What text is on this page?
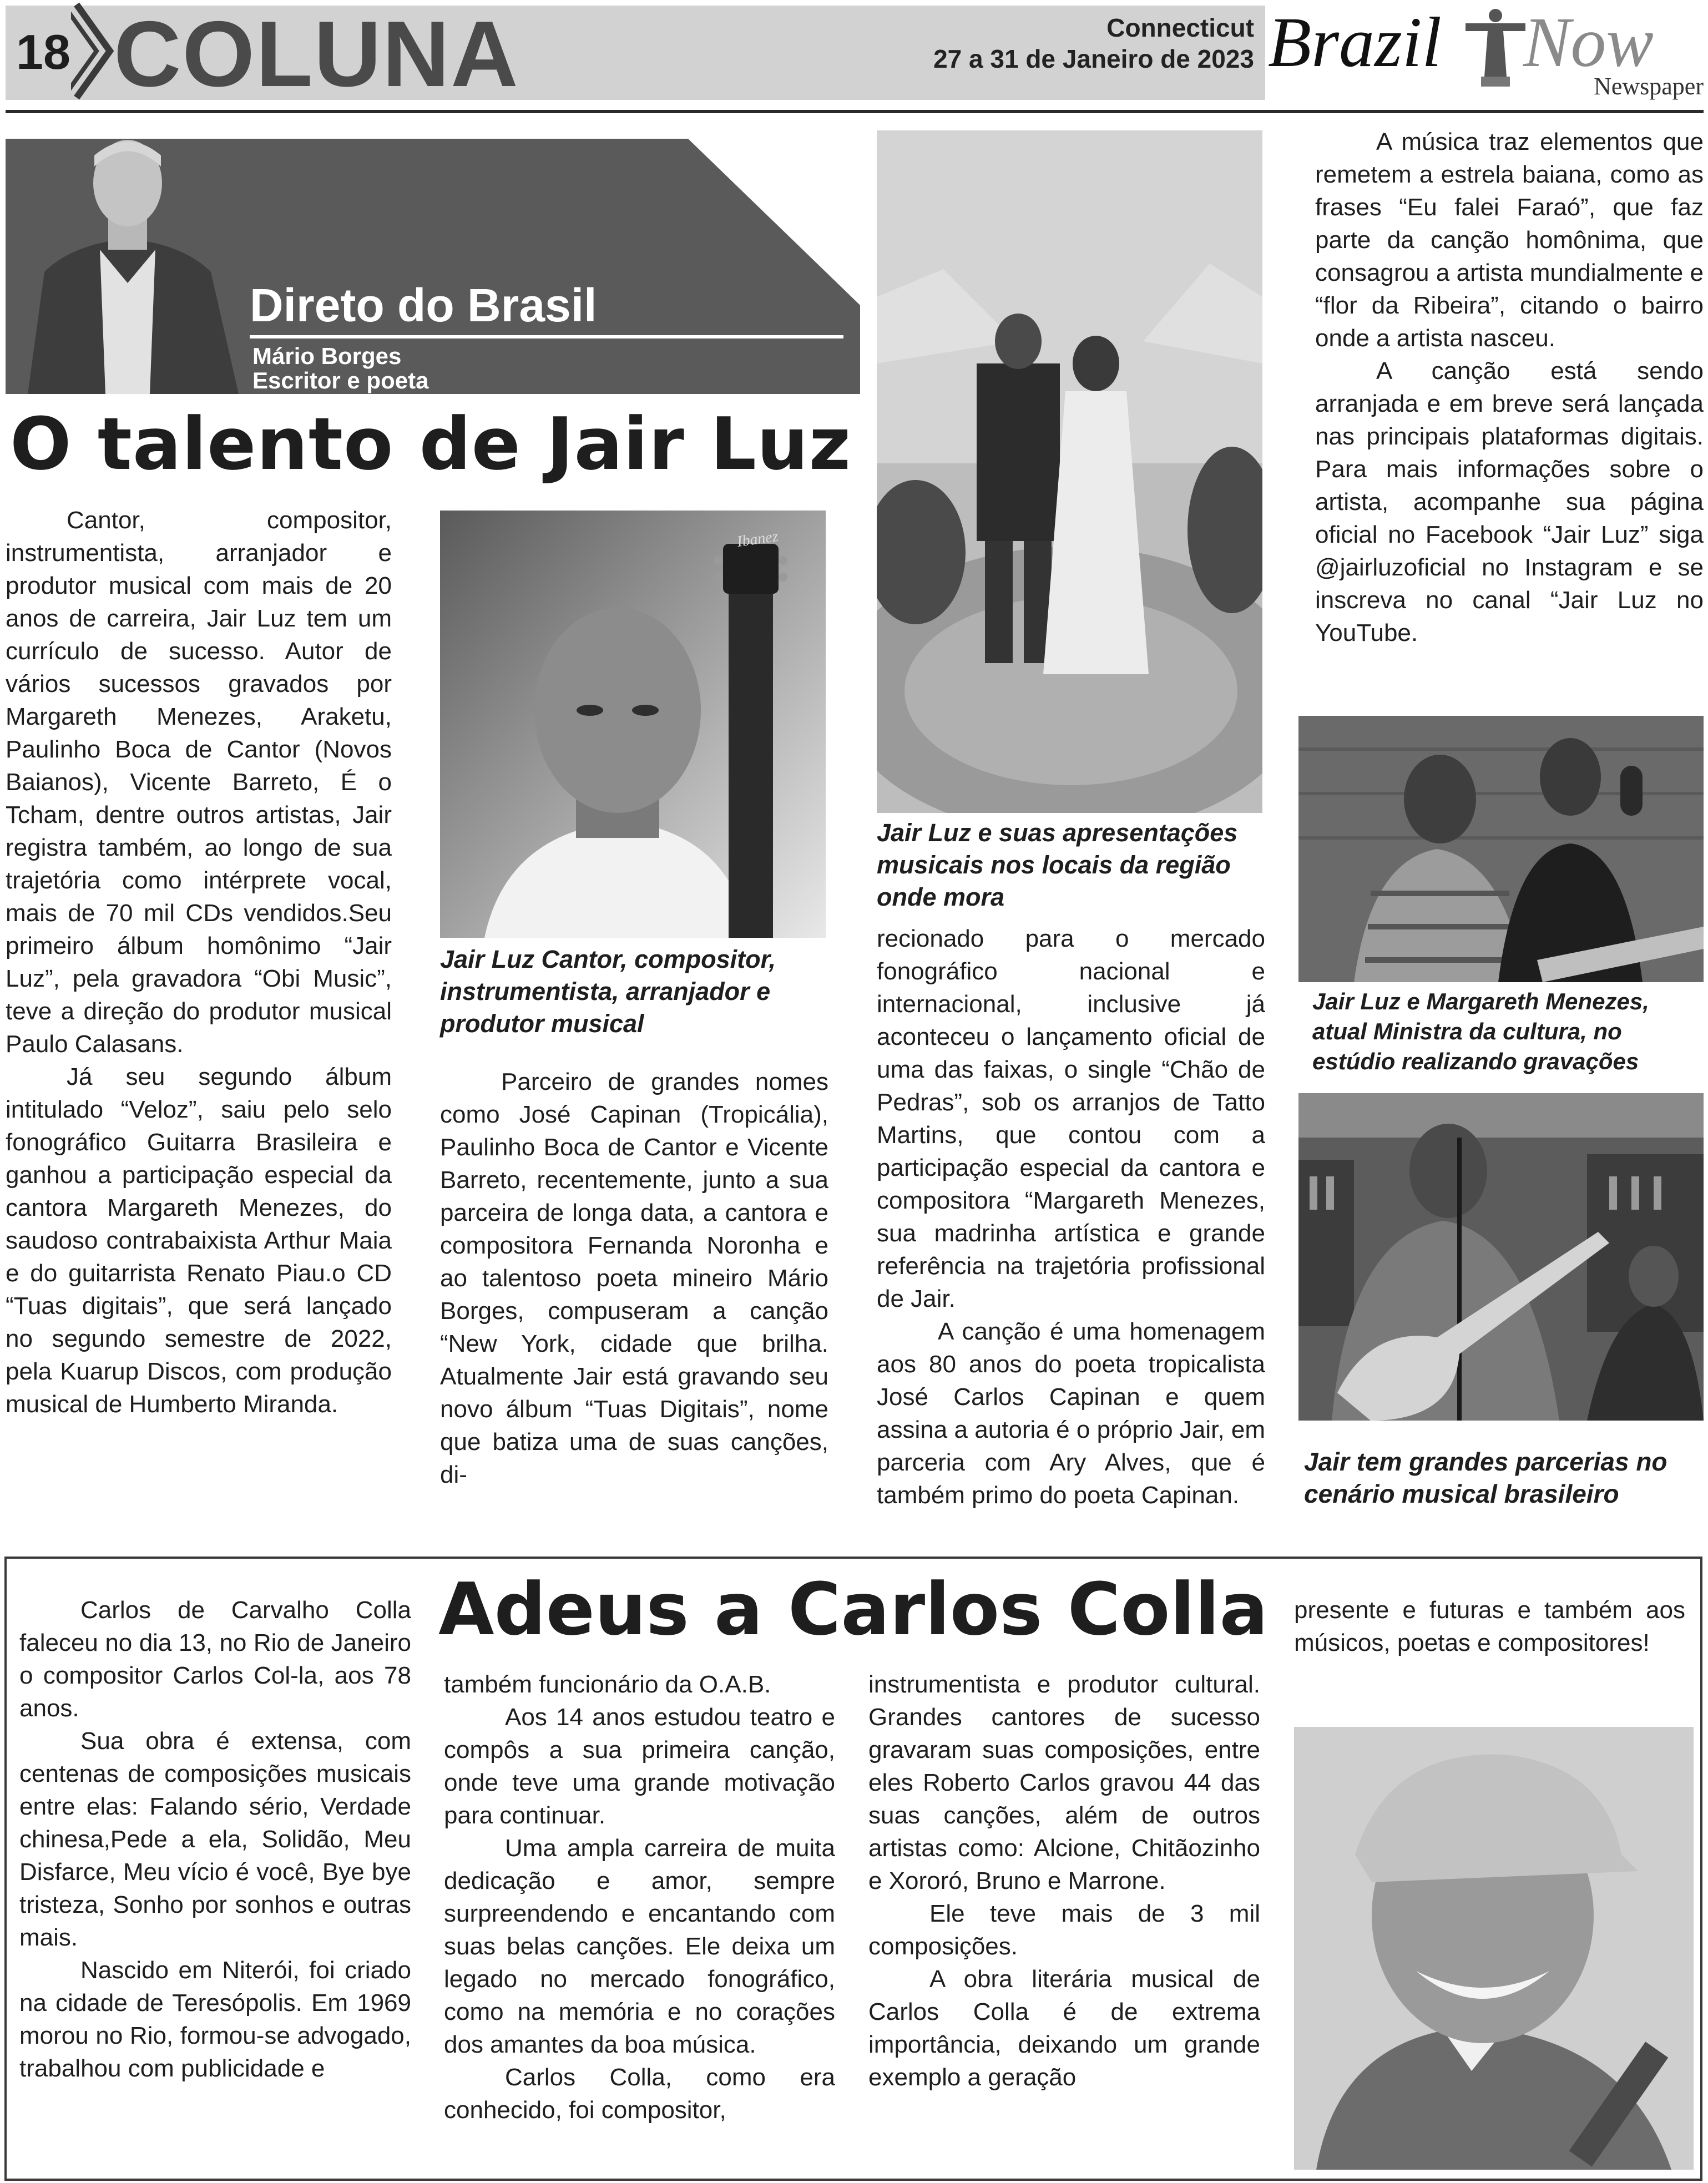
18 COLUNA	Connecticut
27 a 31 de Janeiro de 2023 Brazil Now
Newspaper
Direto do Brasil
Mário Borges
Escritor e poeta
O talento de Jair Luz

Cantor, compositor, instrumentista, arranjador e produtor musical com mais de 20 anos de carreira, Jair Luz tem um currículo de sucesso. Autor de vários sucessos gravados por Margareth Menezes, Araketu, Paulinho Boca de Cantor (Novos Baianos), Vicente Barreto, É o Tcham, dentre outros artistas, Jair registra também, ao longo de sua trajetória como intérprete vocal, mais de 70 mil CDs vendidos.Seu primeiro álbum homônimo “Jair Luz”, pela gravadora “Obi Music”, teve a direção do produtor musical Paulo Calasans.

Já seu segundo álbum intitulado “Veloz”, saiu pelo selo fonográfico Guitarra Brasileira e ganhou a participação especial da cantora Margareth Menezes, do saudoso contrabaixista Arthur Maia e do guitarrista Renato Piau.o CD “Tuas digitais”, que será lançado no segundo semestre de 2022, pela Kuarup Discos, com produção musical de Humberto Miranda.

Ibanez
Jair Luz Cantor, compositor, instrumentista, arranjador e produtor musical

Parceiro de grandes nomes como José Capinan (Tropicália), Paulinho Boca de Cantor e Vicente Barreto, recentemente, junto a sua parceira de longa data, a cantora e compositora Fernanda Noronha e ao talentoso poeta mineiro Mário Borges, compuseram a canção “New York, cidade que brilha. Atualmente Jair está gravando seu novo álbum “Tuas Digitais”, nome que batiza uma de suas canções, di-

Jair Luz e suas apresentações musicais nos locais da região onde mora

recionado para o mercado fonográfico nacional e internacional, inclusive já aconteceu o lançamento oficial de uma das faixas, o single “Chão de Pedras”, sob os arranjos de Tatto Martins, que contou com a participação especial da cantora e compositora “Margareth Menezes, sua madrinha artística e grande referência na trajetória profissional de Jair.

A canção é uma homenagem aos 80 anos do poeta tropicalista José Carlos Capinan e quem assina a autoria é o próprio Jair, em parceria com Ary Alves, que é também primo do poeta Capinan.

A música traz elementos que remetem a estrela baiana, como as frases “Eu falei Faraó”, que faz parte da canção homônima, que consagrou a artista mundialmente e “flor da Ribeira”, citando o bairro onde a artista nasceu.

A canção está sendo arranjada e em breve será lançada nas principais plataformas digitais. Para mais informações sobre o artista, acompanhe sua página oficial no Facebook “Jair Luz” siga @jairluzoficial no Instagram e se inscreva no canal “Jair Luz no YouTube.

Jair Luz e Margareth Menezes, atual Ministra da cultura, no estúdio realizando gravações
Jair tem grandes parcerias no cenário musical brasileiro
Adeus a Carlos Colla

Carlos de Carvalho Colla faleceu no dia 13, no Rio de Janeiro o compositor Carlos Col-la, aos 78 anos.

Sua obra é extensa, com centenas de composições musicais entre elas: Falando sério, Verdade chinesa,Pede a ela, Solidão, Meu Disfarce, Meu vício é você, Bye bye tristeza, Sonho por sonhos e outras mais.

Nascido em Niterói, foi criado na cidade de Teresópolis. Em 1969 morou no Rio, formou-se advogado, trabalhou com publicidade e

também funcionário da O.A.B.

Aos 14 anos estudou teatro e compôs a sua primeira canção, onde teve uma grande motivação para continuar.

Uma ampla carreira de muita dedicação e amor, sempre surpreendendo e encantando com suas belas canções. Ele deixa um legado no mercado fonográfico, como na memória e no corações dos amantes da boa música.

Carlos Colla, como era conhecido, foi compositor,

instrumentista e produtor cultural. Grandes cantores de sucesso gravaram suas composições, entre eles Roberto Carlos gravou 44 das suas canções, além de outros artistas como: Alcione, Chitãozinho e Xororó, Bruno e Marrone.

Ele teve mais de 3 mil composições.

A obra literária musical de Carlos Colla é de extrema importância, deixando um grande exemplo a geração

presente e futuras e também aos músicos, poetas e compositores!
